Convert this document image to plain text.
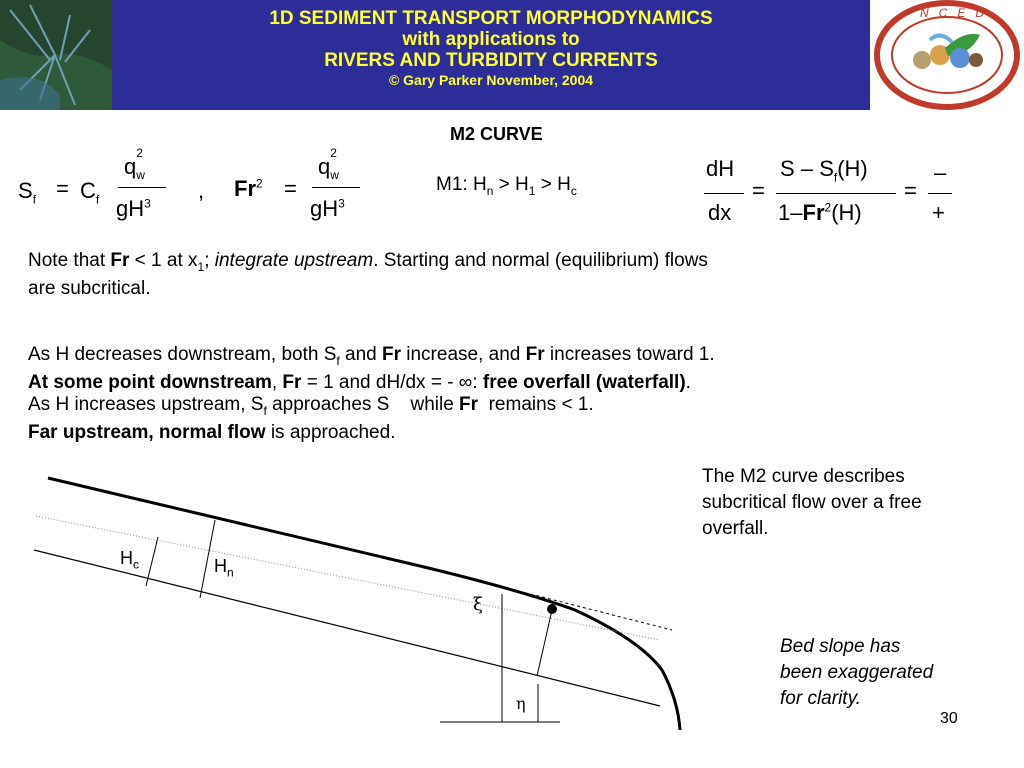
1D SEDIMENT TRANSPORT MORPHODYNAMICS
with applications to
RIVERS AND TURBIDITY CURRENTS
© Gary Parker November, 2004
NCED
M2 CURVE
$S_f = C_f$
q
2
w
$gH^3$
, $Fr^2$ =
q
2
w
$gH^3$
M1: $H_n > H_1 > H_c$
dH
dx
=
S – $S_f(H)$
$1-Fr^2(H)$
=
–
+
Note that Fr < 1 at $x_1$; integrate upstream. Starting and normal (equilibrium) flows
are subcritical.
As H decreases downstream, both $S_f$ and Fr increase, and Fr increases toward 1.
At some point downstream, Fr = 1 and dH/dx = - ∞: free overfall (waterfall).
As H increases upstream, $S_f$ approaches S    while Fr  remains < 1.
Far upstream, normal flow is approached.
The M2 curve describes
subcritical flow over a free
overfall.
Bed slope has
been exaggerated
for clarity.
30
$H_c$	$H_n$
ξ
η
